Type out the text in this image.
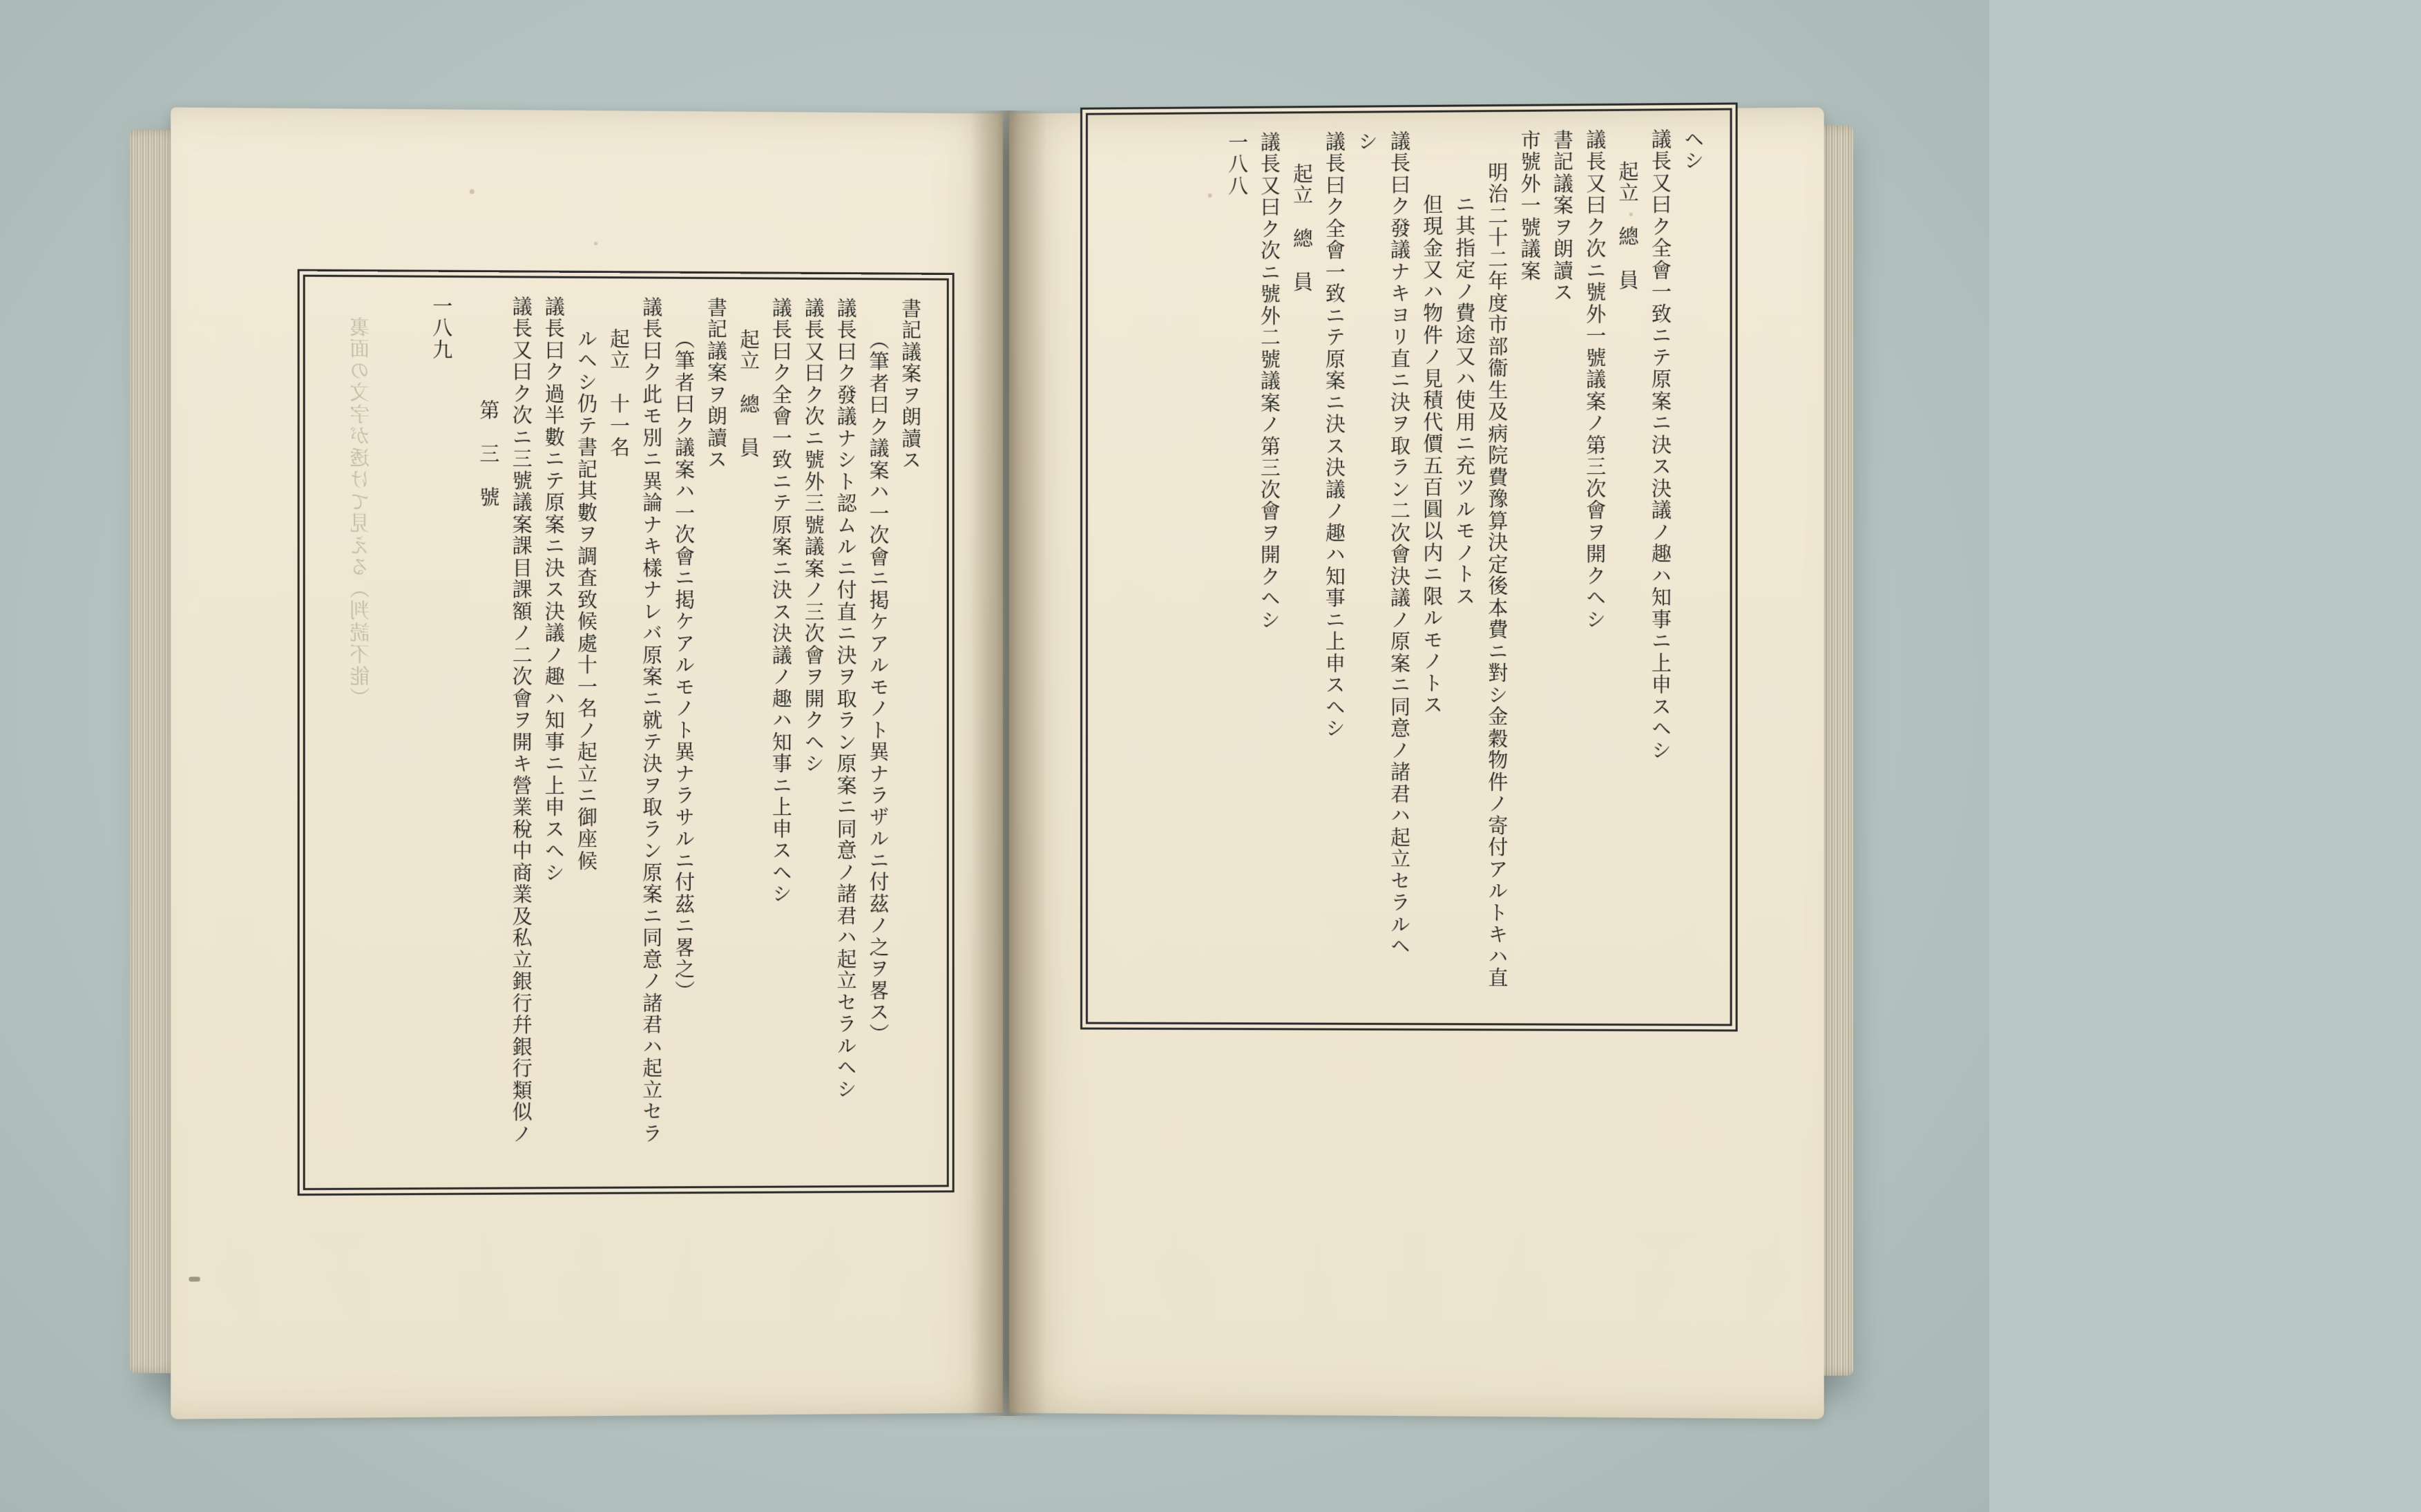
裏面の文字が透けて見える（判読不能）	書記議案ヲ朗讀ス
（筆者曰ク議案ハ一次會ニ掲ケアルモノト異ナラザルニ付茲ノ之ヲ畧ス）
議長曰ク發議ナシト認ムルニ付直ニ決ヲ取ラン原案ニ同意ノ諸君ハ起立セラルヘシ
議長又曰ク次ニ號外三號議案ノ三次會ヲ開クヘシ
議長曰ク全會一致ニテ原案ニ決ス決議ノ趣ハ知事ニ上申スヘシ
起立　總　員
書記議案ヲ朗讀ス
（筆者曰ク議案ハ一次會ニ掲ケアルモノト異ナラサルニ付茲ニ畧之）
議長曰ク此モ別ニ異論ナキ樣ナレバ原案ニ就テ決ヲ取ラン原案ニ同意ノ諸君ハ起立セラ
起立　十一名
ルヘシ仍テ書記其數ヲ調査致候處十一名ノ起立ニ御座候
議長曰ク過半數ニテ原案ニ決ス決議ノ趣ハ知事ニ上申スヘシ
議長又曰ク次ニ三號議案課目課額ノ二次會ヲ開キ營業稅中商業及私立銀行幷銀行類似ノ
第　三　號
一八九	裏面の文字が透けて見える（判読不能）
ヘシ
議長又曰ク全會一致ニテ原案ニ決ス決議ノ趣ハ知事ニ上申スヘシ
起立　總　員
議長又曰ク次ニ號外一號議案ノ第三次會ヲ開クヘシ
書記議案ヲ朗讀ス
市號外一號議案
明治二十二年度市部衞生及病院費豫算決定後本費ニ對シ金穀物件ノ寄付アルトキハ直
ニ其指定ノ費途又ハ使用ニ充ツルモノトス
但現金又ハ物件ノ見積代價五百圓以内ニ限ルモノトス
議長曰ク發議ナキヨリ直ニ決ヲ取ラン二次會決議ノ原案ニ同意ノ諸君ハ起立セラルヘ
シ
議長曰ク全會一致ニテ原案ニ決ス決議ノ趣ハ知事ニ上申スヘシ
起立　總　員
議長又曰ク次ニ號外二號議案ノ第三次會ヲ開クヘシ
一八八
